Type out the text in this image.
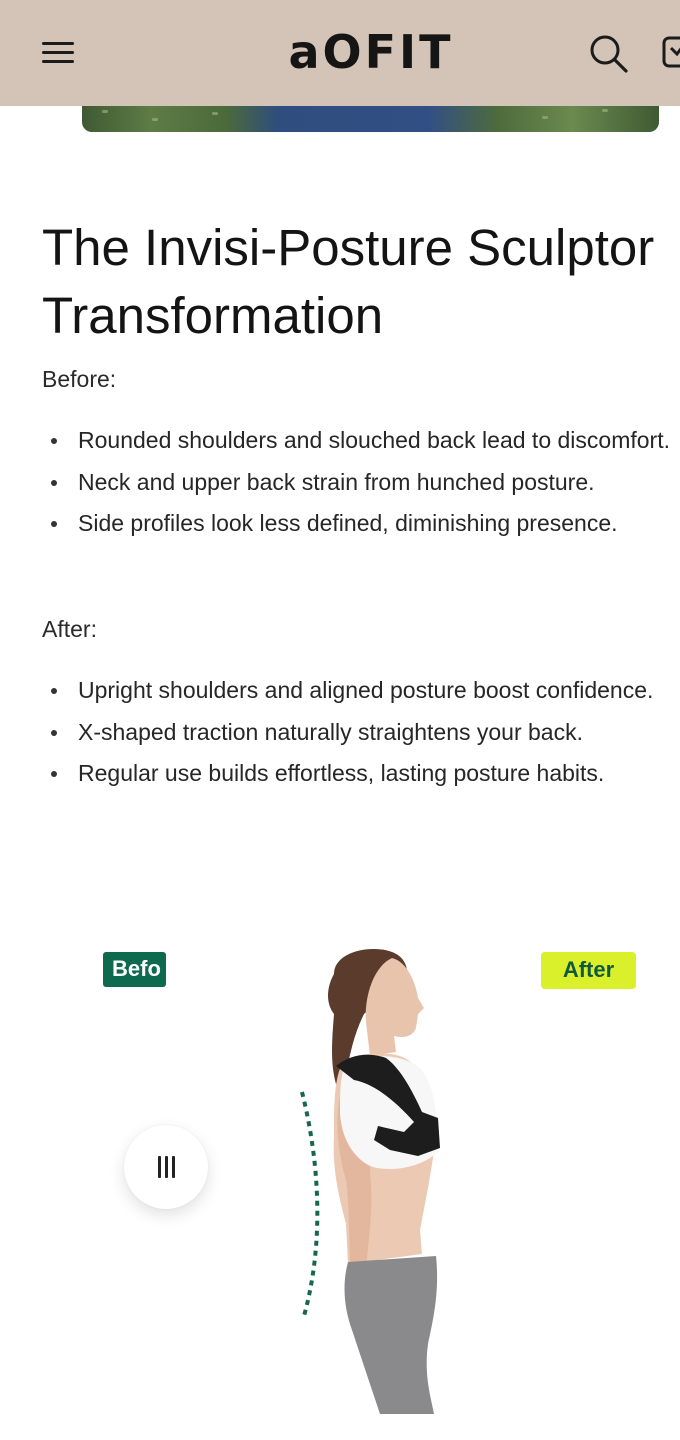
aOFIT
The Invisi-Posture Sculptor Transformation
Before:
Rounded shoulders and slouched back lead to discomfort.
Neck and upper back strain from hunched posture.
Side profiles look less defined, diminishing presence.
After:
Upright shoulders and aligned posture boost confidence.
X-shaped traction naturally straightens your back.
Regular use builds effortless, lasting posture habits.
Befo	After
